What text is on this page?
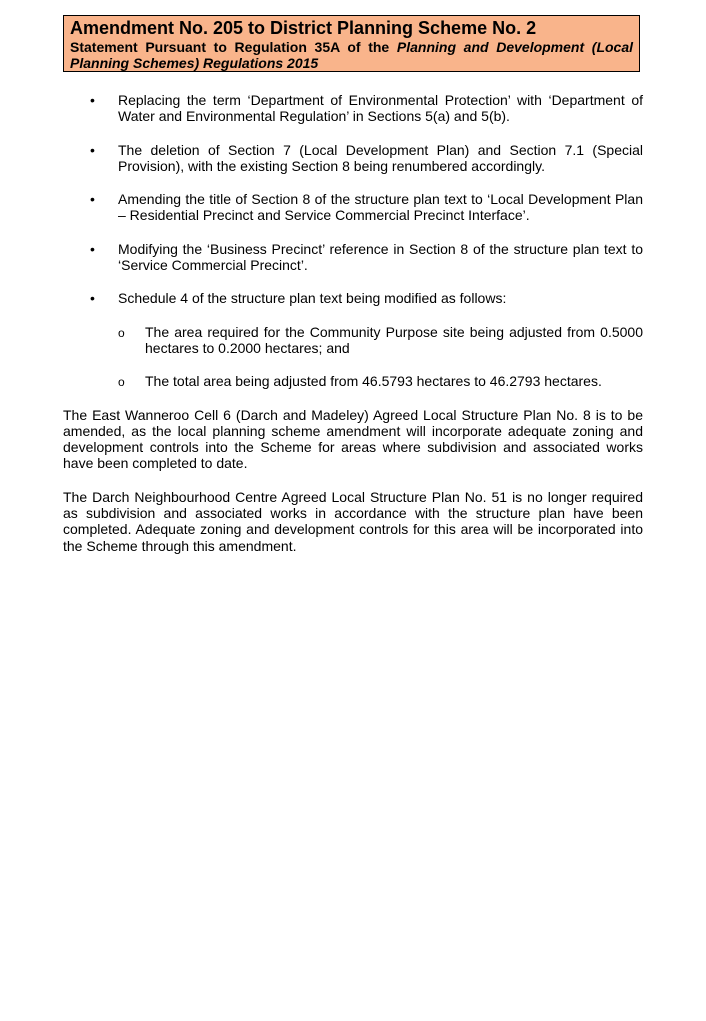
Amendment No. 205 to District Planning Scheme No. 2

Statement Pursuant to Regulation 35A of the Planning and Development (Local Planning Schemes) Regulations 2015

• Replacing the term ‘Department of Environmental Protection’ with ‘Department of Water and Environmental Regulation’ in Sections 5(a) and 5(b).
• The deletion of Section 7 (Local Development Plan) and Section 7.1 (Special Provision), with the existing Section 8 being renumbered accordingly.
• Amending the title of Section 8 of the structure plan text to ‘Local Development Plan – Residential Precinct and Service Commercial Precinct Interface’.
• Modifying the ‘Business Precinct’ reference in Section 8 of the structure plan text to ‘Service Commercial Precinct’.
• Schedule 4 of the structure plan text being modified as follows:
o The area required for the Community Purpose site being adjusted from 0.5000 hectares to 0.2000 hectares; and
o The total area being adjusted from 46.5793 hectares to 46.2793 hectares.

The East Wanneroo Cell 6 (Darch and Madeley) Agreed Local Structure Plan No. 8 is to be amended, as the local planning scheme amendment will incorporate adequate zoning and development controls into the Scheme for areas where subdivision and associated works have been completed to date.

The Darch Neighbourhood Centre Agreed Local Structure Plan No. 51 is no longer required as subdivision and associated works in accordance with the structure plan have been completed. Adequate zoning and development controls for this area will be incorporated into the Scheme through this amendment.
